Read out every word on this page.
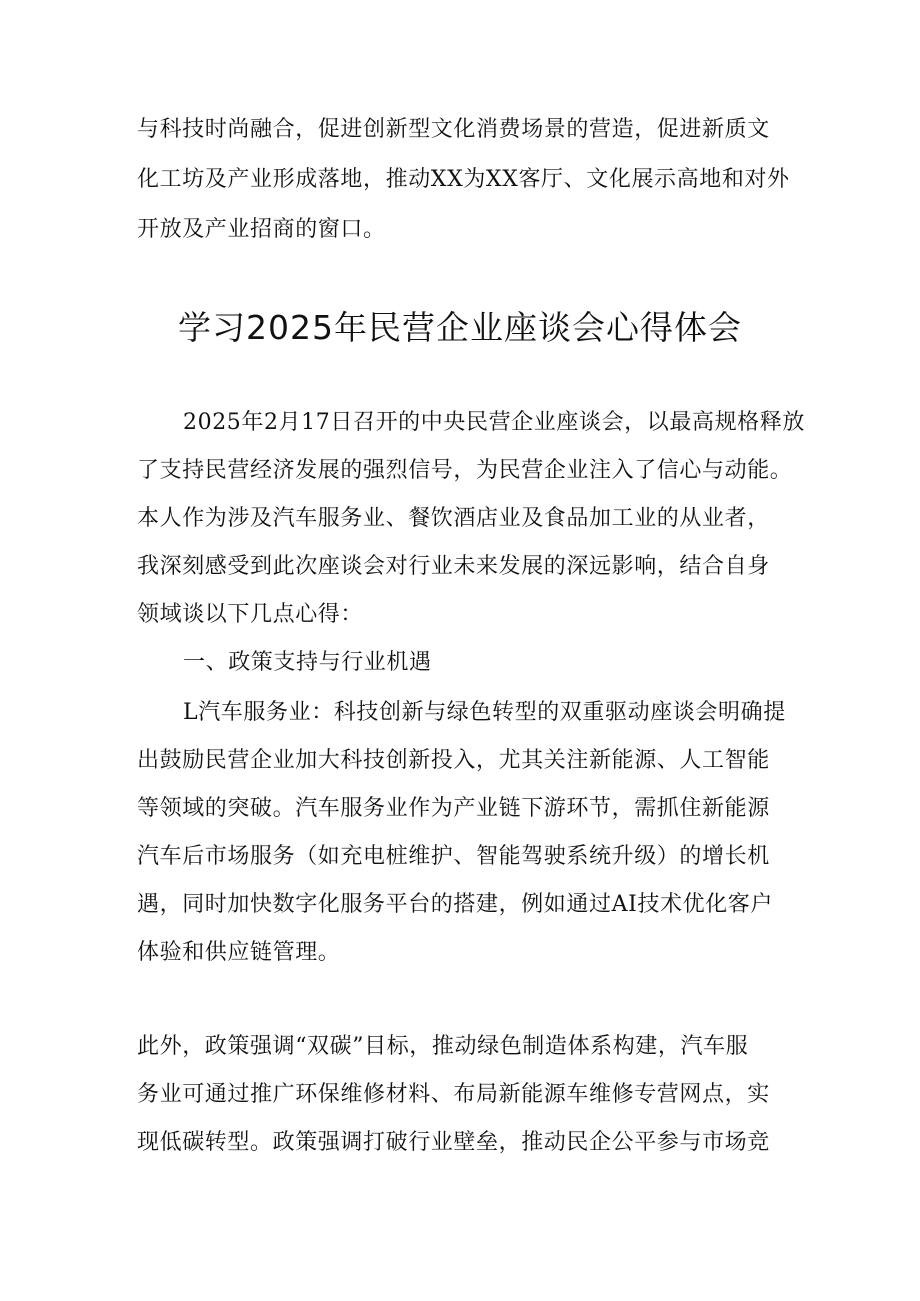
与科技时尚融合，促进创新型文化消费场景的营造，促进新质文
化工坊及产业形成落地，推动XX为XX客厅、文化展示高地和对外
开放及产业招商的窗口。
学习2025年民营企业座谈会心得体会
2025年2月17日召开的中央民营企业座谈会，以最高规格释放
了支持民营经济发展的强烈信号，为民营企业注入了信心与动能。
本人作为涉及汽车服务业、餐饮酒店业及食品加工业的从业者，
我深刻感受到此次座谈会对行业未来发展的深远影响，结合自身
领域谈以下几点心得：
一、政策支持与行业机遇
L汽车服务业：科技创新与绿色转型的双重驱动座谈会明确提
出鼓励民营企业加大科技创新投入，尤其关注新能源、人工智能
等领域的突破。汽车服务业作为产业链下游环节，需抓住新能源
汽车后市场服务（如充电桩维护、智能驾驶系统升级）的增长机
遇，同时加快数字化服务平台的搭建，例如通过AI技术优化客户
体验和供应链管理。
此外，政策强调“双碳”目标，推动绿色制造体系构建，汽车服
务业可通过推广环保维修材料、布局新能源车维修专营网点，实
现低碳转型。政策强调打破行业壁垒，推动民企公平参与市场竞
